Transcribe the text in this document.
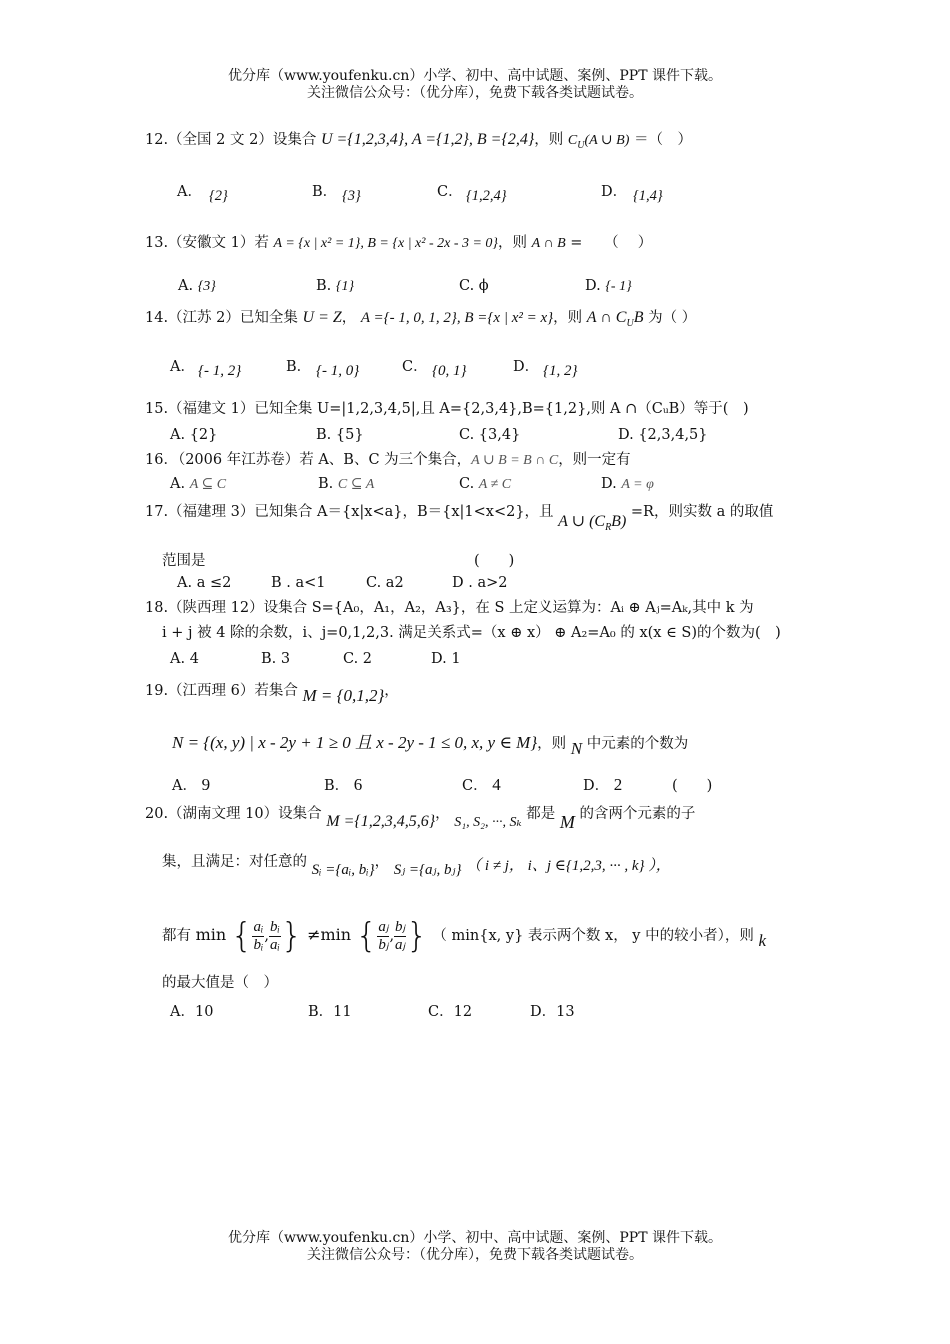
优分库（www.youfenku.cn）小学、初中、高中试题、案例、PPT 课件下载。
关注微信公众号：（优分库），免费下载各类试题试卷。
12.（全国 2 文 2）设集合 U ={1,2,3,4}, A ={1,2}, B ={2,4}，则 $C_U(A$ ∪ B) ＝（　）
A． {2}	B． {3}	C． {1,2,4}	D． {1,4}
13.（安徽文 1）若 A = {x | x² = 1}, B = {x | x² - 2x - 3 = 0}，则 A ∩ B =　　（　 ）
A. {3}	B. {1}	C. ϕ	D. {- 1}
14.（江苏 2）已知全集 U = Z， A ={- 1, 0, 1, 2}, B ={x | x² = x}，则 A ∩ $C_UB$ 为（ ）
A． {- 1, 2}	B． {- 1, 0}	C． {0, 1}	D． {1, 2}
15.（福建文 1）已知全集 U=|1,2,3,4,5|,且 A={2,3,4},B={1,2},则 A ∩（CᵤB）等于(　)
A. {2}	B. {5}	C. {3,4}	D. {2,3,4,5}
16．（2006 年江苏卷）若 A、B、C 为三个集合，A ∪ B = B ∩ C，则一定有
A. A ⊆ C	B. C ⊆ A	C. A ≠ C	D. A = φ
17.（福建理 3）已知集合 A＝{x|x<a}，B＝{x|1<x<2}，且 A ∪ $(C_RB) =R$，则实数 a 的取值
范围是	(　　)
A. a ≤2	B . a<1	C. a2	D . a>2
18.（陕西理 12）设集合 S={A₀，A₁，A₂，A₃}，在 S 上定义运算为：Aᵢ ⊕ Aⱼ=Aₖ,其中 k 为
i + j 被 4 除的余数，i、j=0,1,2,3. 满足关系式=（x ⊕ x） ⊕ A₂=A₀ 的 x(x ∈ S)的个数为(　)
A. 4	B. 3	C. 2	D. 1
19.（江西理 6）若集合 M = {0,1,2}，
N = {(x, y) | x - 2y + 1 ≥ 0 且 x - 2y - 1 ≤ 0, x, y ∈ M}，则 N 中元素的个数为
A． 9	B． 6	C． 4	D． 2	(　　)
20.（湖南文理 10）设集合 M ={1,2,3,4,5,6}， S₁, S₂, ···, Sₖ 都是 M 的含两个元素的子
集，且满足：对任意的 Sᵢ ={aᵢ, bᵢ}， Sⱼ ={aⱼ, bⱼ} （ i ≠ j， i、j ∈{1,2,3, ··· , k} ），
都有 min { $\frac{\text{aᵢ}}{\text{bᵢ}}$ , $\frac{\text{bᵢ}}{\text{aᵢ}}$ } ≠min { $\frac{\text{aⱼ}}{\text{bⱼ}}$ , $\frac{\text{bⱼ}}{\text{aⱼ}}$ } （ min{x, y} 表示两个数 x， y 中的较小者），则 k
的最大值是（　）
A．10	B．11	C．12	D．13
优分库（www.youfenku.cn）小学、初中、高中试题、案例、PPT 课件下载。
关注微信公众号：（优分库），免费下载各类试题试卷。
